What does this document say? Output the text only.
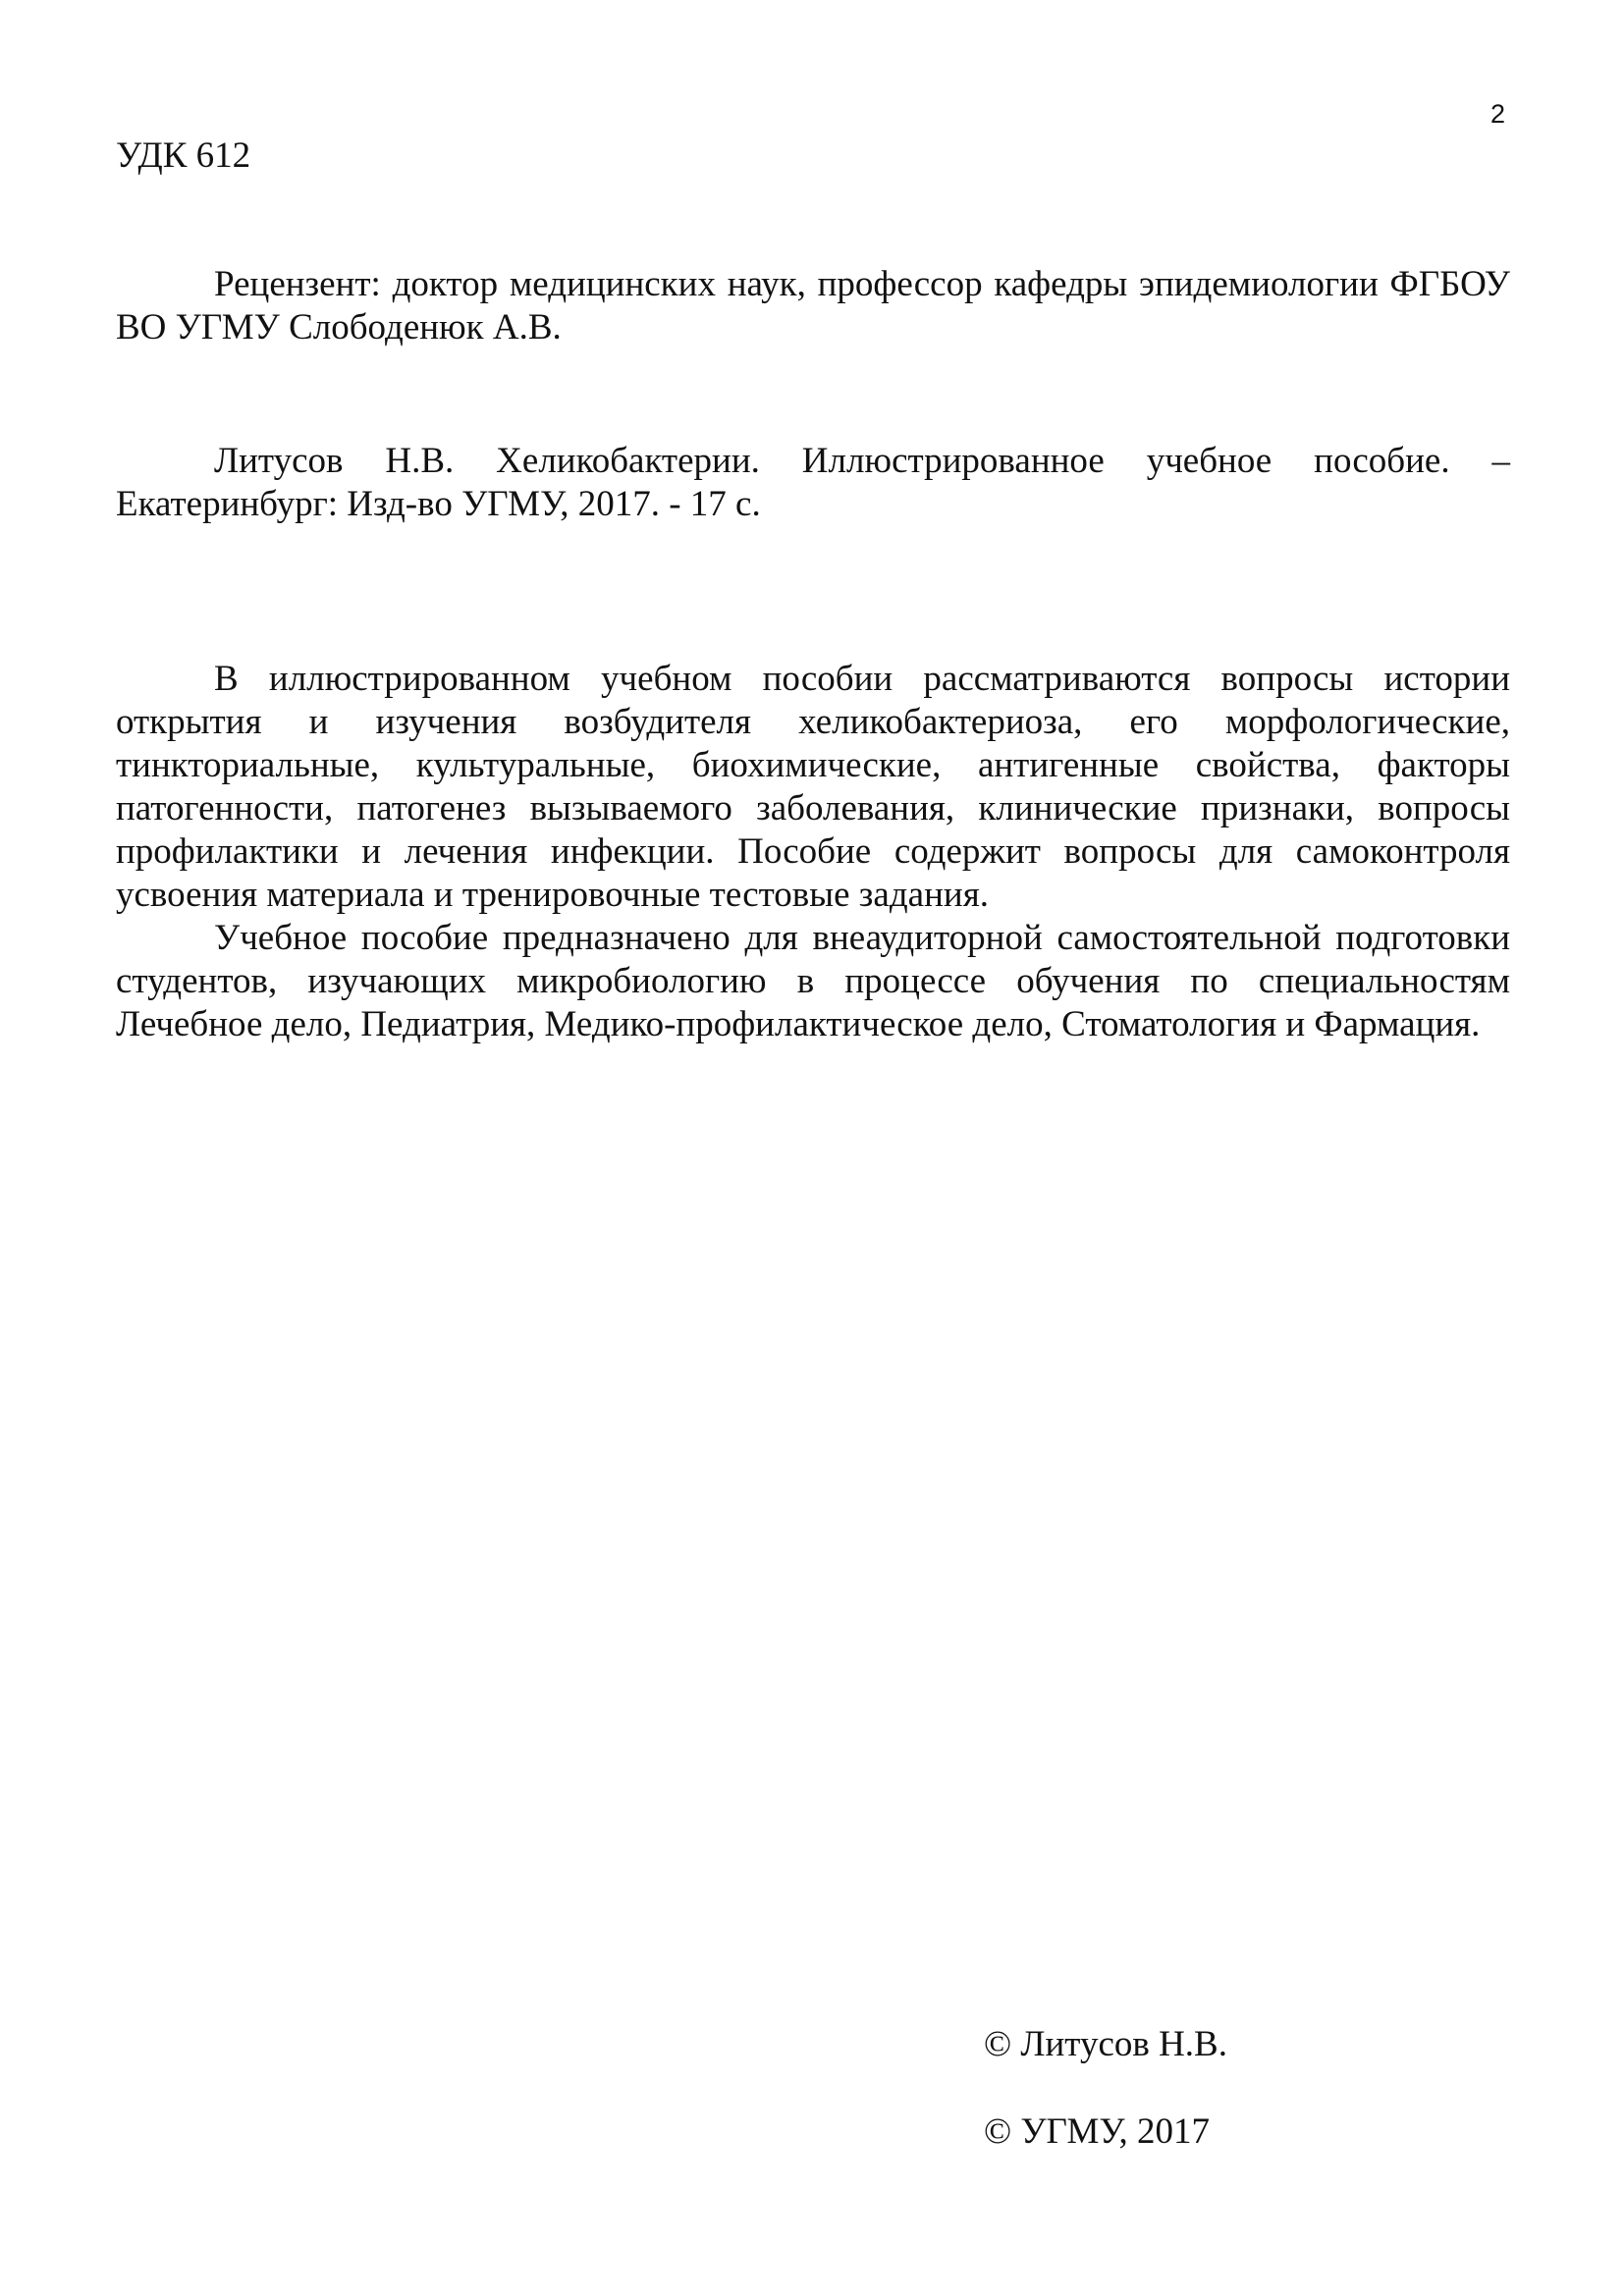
2
УДК 612

Рецензент: доктор медицинских наук, профессор кафедры эпидемиологии ФГБОУ ВО УГМУ Слободенюк А.В.

Литусов Н.В. Хеликобактерии. Иллюстрированное учебное пособие. – Екатеринбург: Изд-во УГМУ, 2017. - 17 с.

В иллюстрированном учебном пособии рассматриваются вопросы истории открытия и изучения возбудителя хеликобактериоза, его морфологические, тинкториальные, культуральные, биохимические, антигенные свойства, факторы патогенности, патогенез вызываемого заболевания, клинические признаки, вопросы профилактики и лечения инфекции. Пособие содержит вопросы для самоконтроля усвоения материала и тренировочные тестовые задания.

Учебное пособие предназначено для внеаудиторной самостоятельной подготовки студентов, изучающих микробиологию в процессе обучения по специальностям Лечебное дело, Педиатрия, Медико-профилактическое дело, Стоматология и Фармация.

© Литусов Н.В.
© УГМУ, 2017
